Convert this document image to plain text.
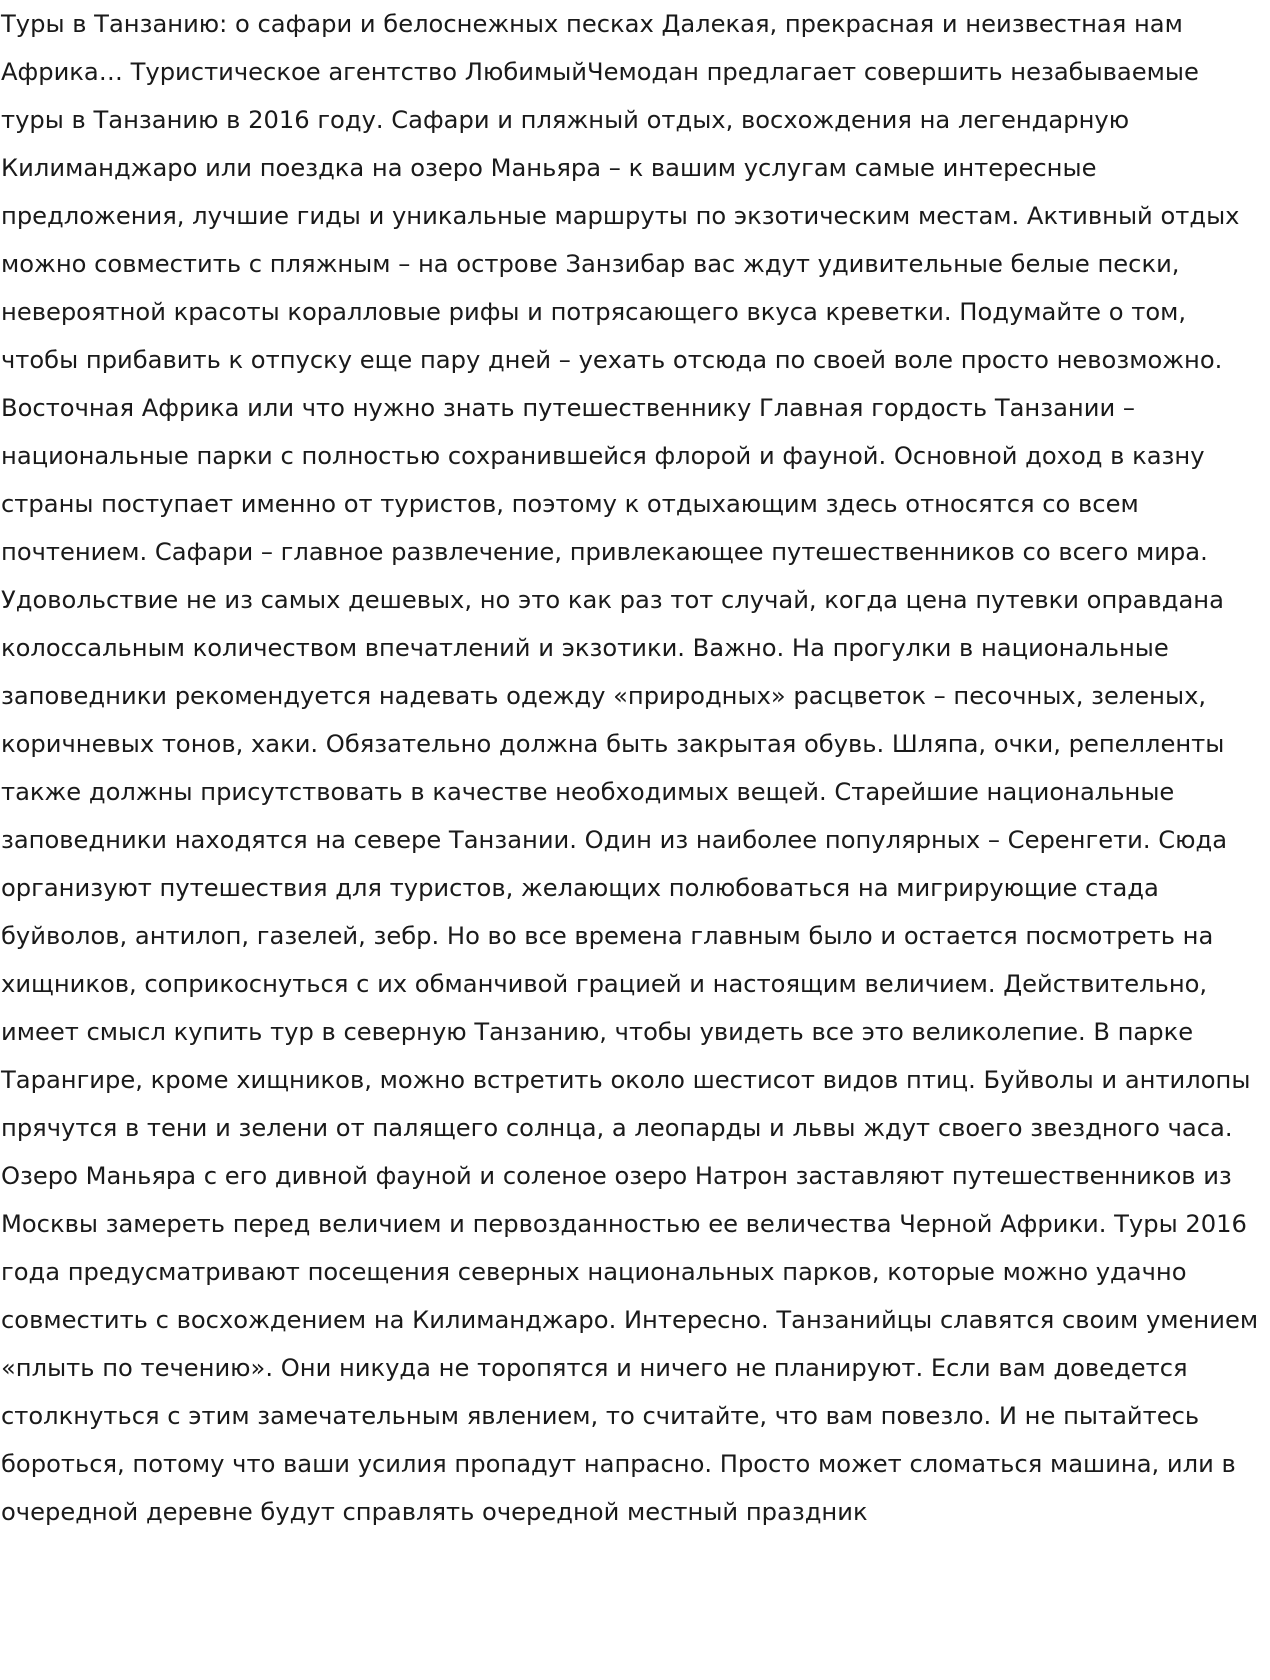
Туры в Танзанию: о сафари и белоснежных песках Далекая, прекрасная и неизвестная нам Африка… Туристическое агентство ЛюбимыйЧемодан предлагает совершить незабываемые туры в Танзанию в 2016 году. Сафари и пляжный отдых, восхождения на легендарную Килиманджаро или поездка на озеро Маньяра – к вашим услугам самые интересные предложения, лучшие гиды и уникальные маршруты по экзотическим местам. Активный отдых можно совместить с пляжным – на острове Занзибар вас ждут удивительные белые пески, невероятной красоты коралловые рифы и потрясающего вкуса креветки. Подумайте о том, чтобы прибавить к отпуску еще пару дней – уехать отсюда по своей воле просто невозможно. Восточная Африка или что нужно знать путешественнику Главная гордость Танзании – национальные парки с полностью сохранившейся флорой и фауной. Основной доход в казну страны поступает именно от туристов, поэтому к отдыхающим здесь относятся со всем почтением. Сафари – главное развлечение, привлекающее путешественников со всего мира. Удовольствие не из самых дешевых, но это как раз тот случай, когда цена путевки оправдана колоссальным количеством впечатлений и экзотики. Важно. На прогулки в национальные заповедники рекомендуется надевать одежду «природных» расцветок – песочных, зеленых, коричневых тонов, хаки. Обязательно должна быть закрытая обувь. Шляпа, очки, репелленты также должны присутствовать в качестве необходимых вещей. Старейшие национальные заповедники находятся на севере Танзании. Один из наиболее популярных – Серенгети. Сюда организуют путешествия для туристов, желающих полюбоваться на мигрирующие стада буйволов, антилоп, газелей, зебр. Но во все времена главным было и остается посмотреть на хищников, соприкоснуться с их обманчивой грацией и настоящим величием. Действительно, имеет смысл купить тур в северную Танзанию, чтобы увидеть все это великолепие. В парке Тарангире, кроме хищников, можно встретить около шестисот видов птиц. Буйволы и антилопы прячутся в тени и зелени от палящего солнца, а леопарды и львы ждут своего звездного часа. Озеро Маньяра с его дивной фауной и соленое озеро Натрон заставляют путешественников из Москвы замереть перед величием и первозданностью ее величества Черной Африки. Туры 2016 года предусматривают посещения северных национальных парков, которые можно удачно совместить с восхождением на Килиманджаро. Интересно. Танзанийцы славятся своим умением «плыть по течению». Они никуда не торопятся и ничего не планируют. Если вам доведется столкнуться с этим замечательным явлением, то считайте, что вам повезло. И не пытайтесь бороться, потому что ваши усилия пропадут напрасно. Просто может сломаться машина, или в очередной деревне будут справлять очередной местный праздник
